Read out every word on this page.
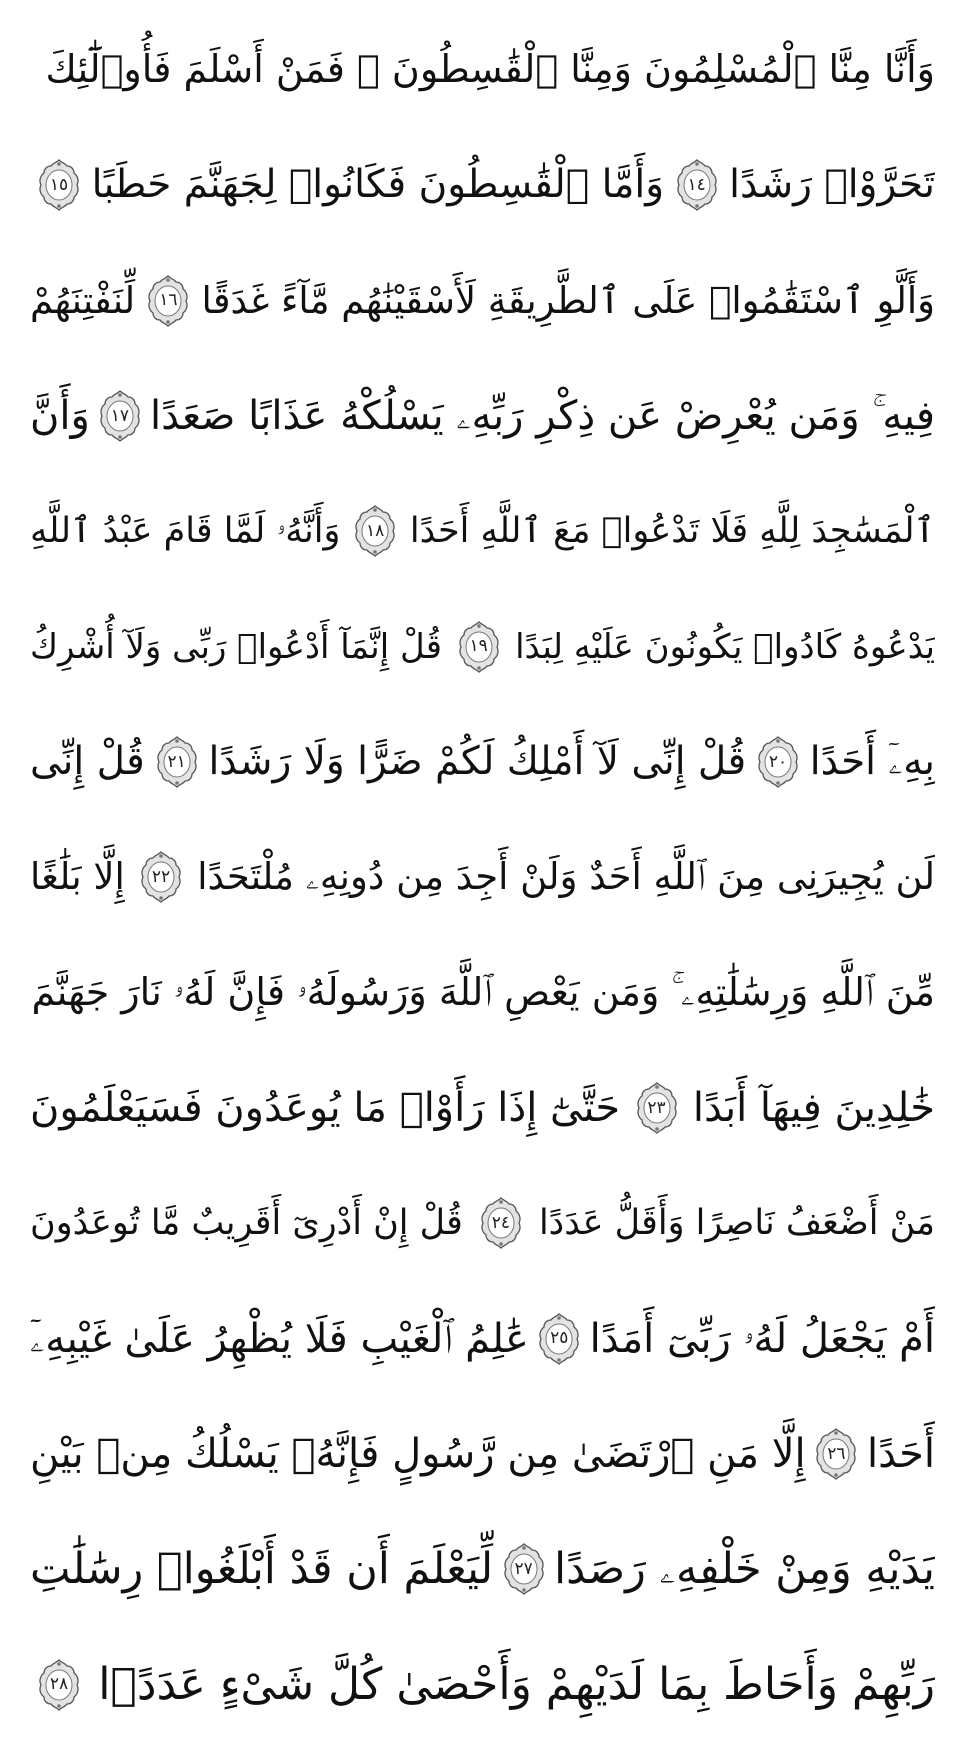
وَأَنَّا مِنَّا ٱلْمُسْلِمُونَ وَمِنَّا ٱلْقَٰسِطُونَ ۖ فَمَنْ أَسْلَمَ فَأُو۟لَٰٓئِكَ
تَحَرَّوْا۟ رَشَدًا
١٤
وَأَمَّا ٱلْقَٰسِطُونَ فَكَانُوا۟ لِجَهَنَّمَ حَطَبًا
١٥
وَأَلَّوِ ٱسْتَقَٰمُوا۟ عَلَى ٱلطَّرِيقَةِ لَأَسْقَيْنَٰهُم مَّآءً غَدَقًا
١٦
لِّنَفْتِنَهُمْ
فِيهِ ۚ وَمَن يُعْرِضْ عَن ذِكْرِ رَبِّهِۦ يَسْلُكْهُ عَذَابًا صَعَدًا
١٧
وَأَنَّ
ٱلْمَسَٰجِدَ لِلَّهِ فَلَا تَدْعُوا۟ مَعَ ٱللَّهِ أَحَدًا
١٨
وَأَنَّهُۥ لَمَّا قَامَ عَبْدُ ٱللَّهِ
يَدْعُوهُ كَادُوا۟ يَكُونُونَ عَلَيْهِ لِبَدًا
١٩
قُلْ إِنَّمَآ أَدْعُوا۟ رَبِّى وَلَآ أُشْرِكُ
بِهِۦٓ أَحَدًا
٢٠
قُلْ إِنِّى لَآ أَمْلِكُ لَكُمْ ضَرًّا وَلَا رَشَدًا
٢١
قُلْ إِنِّى
لَن يُجِيرَنِى مِنَ ٱللَّهِ أَحَدٌ وَلَنْ أَجِدَ مِن دُونِهِۦ مُلْتَحَدًا
٢٢
إِلَّا بَلَٰغًا
مِّنَ ٱللَّهِ وَرِسَٰلَٰتِهِۦ ۚ وَمَن يَعْصِ ٱللَّهَ وَرَسُولَهُۥ فَإِنَّ لَهُۥ نَارَ جَهَنَّمَ
خَٰلِدِينَ فِيهَآ أَبَدًا
٢٣
حَتَّىٰٓ إِذَا رَأَوْا۟ مَا يُوعَدُونَ فَسَيَعْلَمُونَ
مَنْ أَضْعَفُ نَاصِرًا وَأَقَلُّ عَدَدًا
٢٤
قُلْ إِنْ أَدْرِىٓ أَقَرِيبٌ مَّا تُوعَدُونَ
أَمْ يَجْعَلُ لَهُۥ رَبِّىٓ أَمَدًا
٢٥
عَٰلِمُ ٱلْغَيْبِ فَلَا يُظْهِرُ عَلَىٰ غَيْبِهِۦٓ
أَحَدًا
٢٦
إِلَّا مَنِ ٱرْتَضَىٰ مِن رَّسُولٍ فَإِنَّهُۥ يَسْلُكُ مِنۢ بَيْنِ
يَدَيْهِ وَمِنْ خَلْفِهِۦ رَصَدًا
٢٧
لِّيَعْلَمَ أَن قَدْ أَبْلَغُوا۟ رِسَٰلَٰتِ
رَبِّهِمْ وَأَحَاطَ بِمَا لَدَيْهِمْ وَأَحْصَىٰ كُلَّ شَىْءٍ عَدَدًۢا
٢٨
